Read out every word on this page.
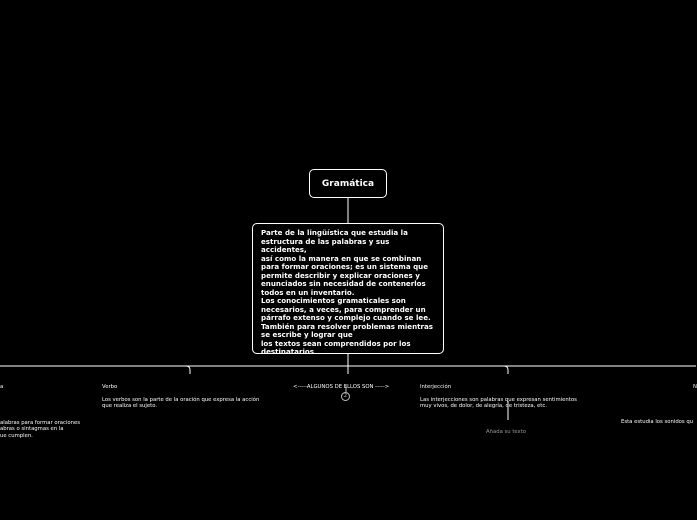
Gramática
Parte de la lingüística que estudia la
estructura de las palabras y sus accidentes,
así como la manera en que se combinan
para formar oraciones; es un sistema que
permite describir y explicar oraciones y
enunciados sin necesidad de contenerlos
todos en un inventario.
Los conocimientos gramaticales son
necesarios, a veces, para comprender un
párrafo extenso y complejo cuando se lee.
También para resolver problemas mientras
se escribe y lograr que
los textos sean comprendidos por los
destinatarios

a

alabras para formar oraciones
abras o sintagmas en la
ue cumplen.

Verbo

Los verbos son la parte de la oración que expresa la acción
que realiza el sujeto.

<-----ALGUNOS DE ELLOS SON ----->

2

Interjección

Las interjecciones son palabras que expresan sentimientos
muy vivos, de dolor, de alegría, de tristeza, etc.

Añada su texto

N

Esta estudia los sonidos qu
